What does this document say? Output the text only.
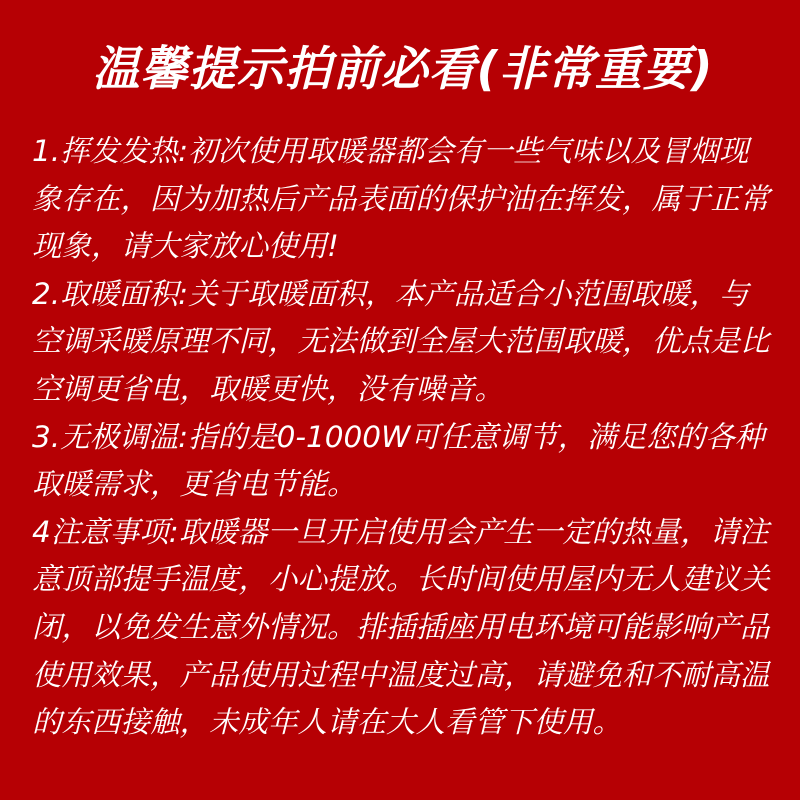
温馨提示拍前必看(非常重要)

1.挥发发热:初次使用取暖器都会有一些气味以及冒烟现象存在，因为加热后产品表面的保护油在挥发，属于正常现象，请大家放心使用!

2.取暖面积:关于取暖面积，本产品适合小范围取暖，与空调采暖原理不同，无法做到全屋大范围取暖，优点是比空调更省电，取暖更快，没有噪音。

3.无极调温:指的是0-1000W可任意调节，满足您的各种取暖需求，更省电节能。

4注意事项:取暖器一旦开启使用会产生一定的热量，请注意顶部提手温度，小心提放。长时间使用屋内无人建议关闭，以免发生意外情况。排插插座用电环境可能影响产品使用效果，产品使用过程中温度过高，请避免和不耐高温的东西接触，未成年人请在大人看管下使用。
